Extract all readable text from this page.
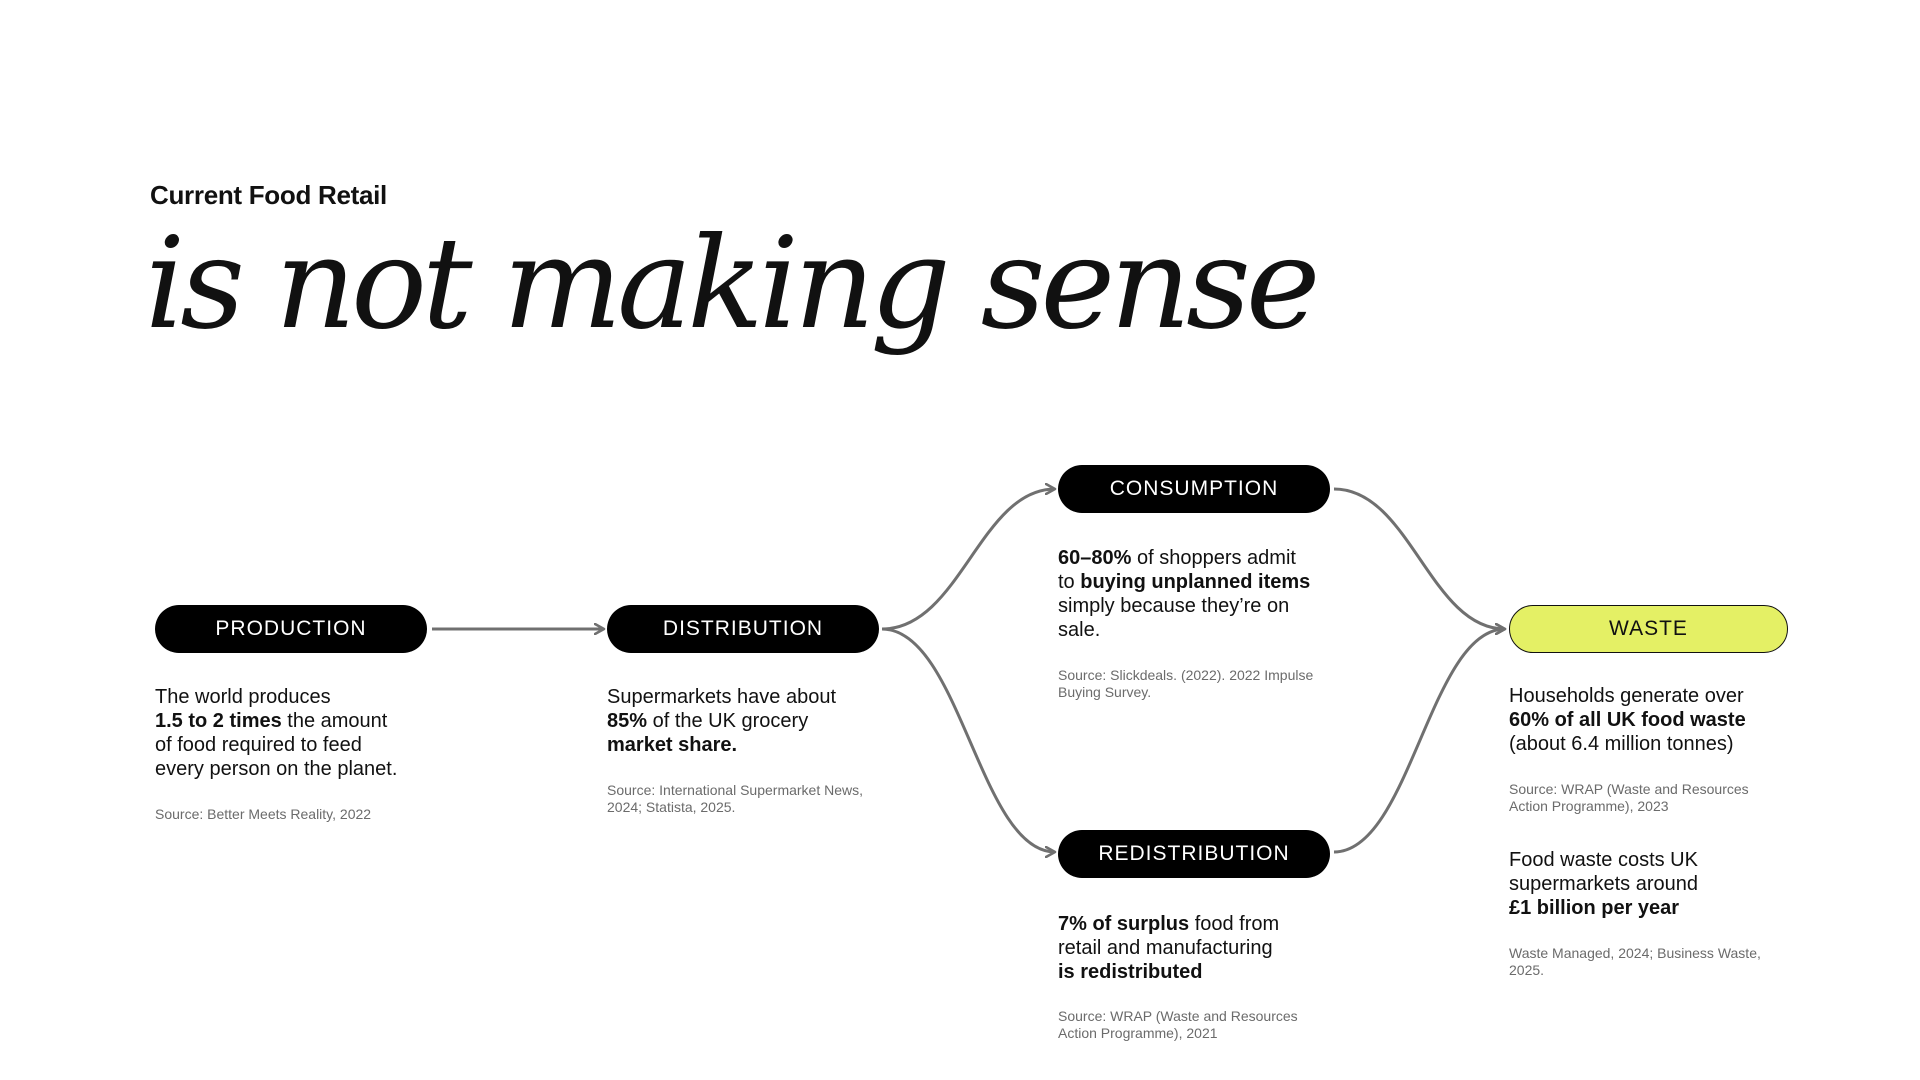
Current Food Retail
is not making sense
PRODUCTION
The world produces
1.5 to 2 times the amount
of food required to feed
every person on the planet.
Source: Better Meets Reality, 2022
DISTRIBUTION
Supermarkets have about
85% of the UK grocery
market share.
Source: International Supermarket News,
2024; Statista, 2025.
CONSUMPTION
60–80% of shoppers admit
to buying unplanned items
simply because they’re on
sale.
Source: Slickdeals. (2022). 2022 Impulse
Buying Survey.
REDISTRIBUTION
7% of surplus food from
retail and manufacturing
is redistributed
Source: WRAP (Waste and Resources
Action Programme), 2021
WASTE
Households generate over
60% of all UK food waste
(about 6.4 million tonnes)
Source: WRAP (Waste and Resources
Action Programme), 2023
Food waste costs UK
supermarkets around
£1 billion per year
Waste Managed, 2024; Business Waste,
2025.
